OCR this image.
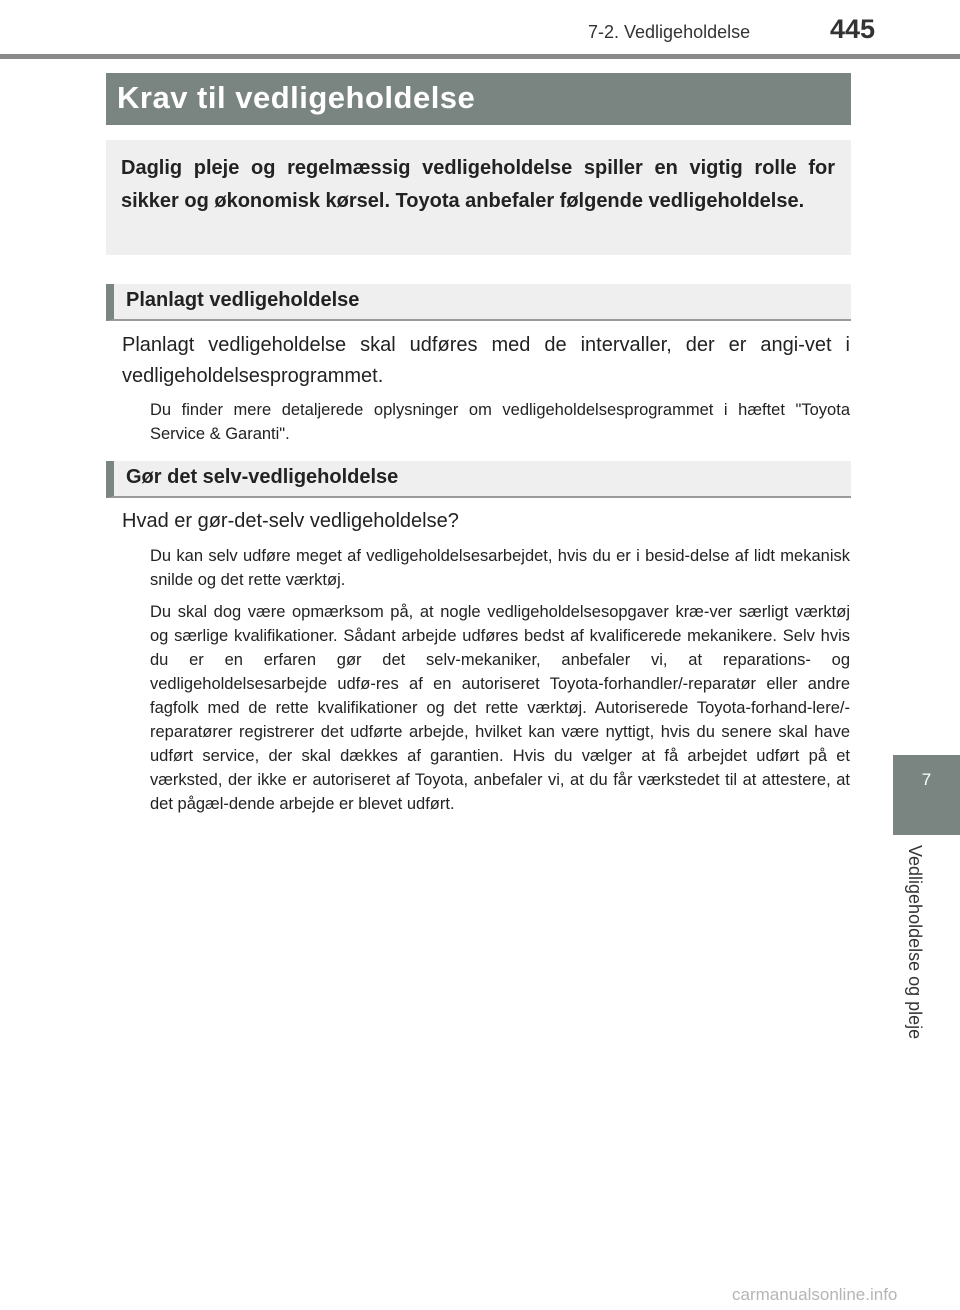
7-2. Vedligeholdelse	445
7
Vedligeholdelse og pleje
Krav til vedligeholdelse
Daglig pleje og regelmæssig vedligeholdelse spiller en vigtig rolle for sikker og økonomisk kørsel. Toyota anbefaler følgende vedligeholdelse.
Planlagt vedligeholdelse
Planlagt vedligeholdelse skal udføres med de intervaller, der er angi-vet i vedligeholdelsesprogrammet.
Du finder mere detaljerede oplysninger om vedligeholdelsesprogrammet i hæftet "Toyota Service & Garanti".
Gør det selv-vedligeholdelse
Hvad er gør-det-selv vedligeholdelse?
Du kan selv udføre meget af vedligeholdelsesarbejdet, hvis du er i besid-delse af lidt mekanisk snilde og det rette værktøj.
Du skal dog være opmærksom på, at nogle vedligeholdelsesopgaver kræ-ver særligt værktøj og særlige kvalifikationer. Sådant arbejde udføres bedst af kvalificerede mekanikere. Selv hvis du er en erfaren gør det selv-mekaniker, anbefaler vi, at reparations- og vedligeholdelsesarbejde udfø-res af en autoriseret Toyota-forhandler/-reparatør eller andre fagfolk med de rette kvalifikationer og det rette værktøj. Autoriserede Toyota-forhand-lere/-reparatører registrerer det udførte arbejde, hvilket kan være nyttigt, hvis du senere skal have udført service, der skal dækkes af garantien. Hvis du vælger at få arbejdet udført på et værksted, der ikke er autoriseret af Toyota, anbefaler vi, at du får værkstedet til at attestere, at det pågæl-dende arbejde er blevet udført.
carmanualsonline.info
